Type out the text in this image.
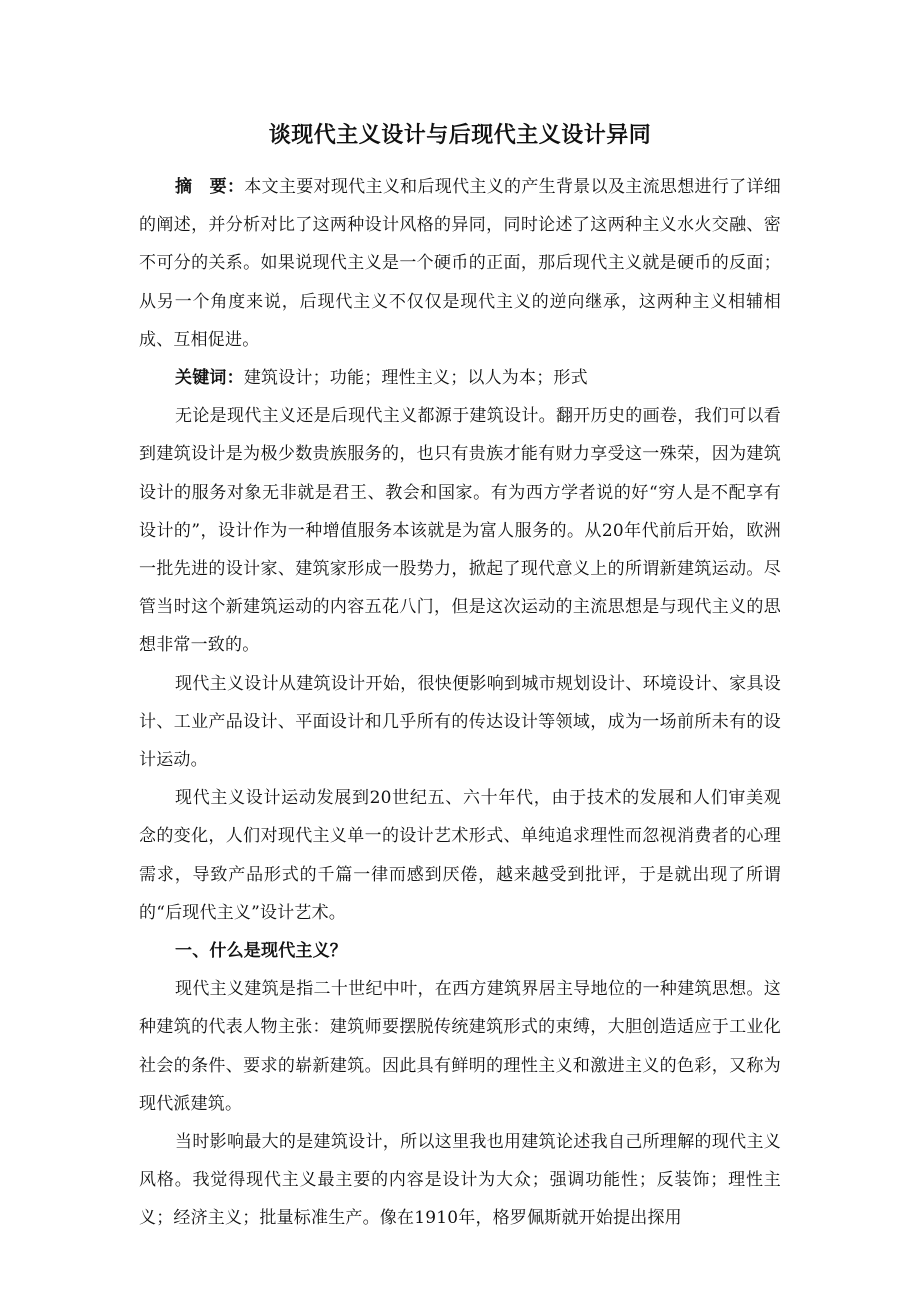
谈现代主义设计与后现代主义设计异同

摘　要：本文主要对现代主义和后现代主义的产生背景以及主流思想进行了详细的阐述，并分析对比了这两种设计风格的异同，同时论述了这两种主义水火交融、密不可分的关系。如果说现代主义是一个硬币的正面，那后现代主义就是硬币的反面；从另一个角度来说，后现代主义不仅仅是现代主义的逆向继承，这两种主义相辅相成、互相促进。

关键词：建筑设计；功能；理性主义；以人为本；形式

无论是现代主义还是后现代主义都源于建筑设计。翻开历史的画卷，我们可以看到建筑设计是为极少数贵族服务的，也只有贵族才能有财力享受这一殊荣，因为建筑设计的服务对象无非就是君王、教会和国家。有为西方学者说的好“穷人是不配享有设计的”，设计作为一种增值服务本该就是为富人服务的。从20年代前后开始，欧洲一批先进的设计家、建筑家形成一股势力，掀起了现代意义上的所谓新建筑运动。尽管当时这个新建筑运动的内容五花八门，但是这次运动的主流思想是与现代主义的思想非常一致的。

现代主义设计从建筑设计开始，很快便影响到城市规划设计、环境设计、家具设计、工业产品设计、平面设计和几乎所有的传达设计等领域，成为一场前所未有的设计运动。

现代主义设计运动发展到20世纪五、六十年代，由于技术的发展和人们审美观念的变化，人们对现代主义单一的设计艺术形式、单纯追求理性而忽视消费者的心理需求，导致产品形式的千篇一律而感到厌倦，越来越受到批评，于是就出现了所谓的“后现代主义”设计艺术。

一、什么是现代主义？

现代主义建筑是指二十世纪中叶，在西方建筑界居主导地位的一种建筑思想。这种建筑的代表人物主张：建筑师要摆脱传统建筑形式的束缚，大胆创造适应于工业化社会的条件、要求的崭新建筑。因此具有鲜明的理性主义和激进主义的色彩，又称为现代派建筑。

当时影响最大的是建筑设计，所以这里我也用建筑论述我自己所理解的现代主义风格。我觉得现代主义最主要的内容是设计为大众；强调功能性；反装饰；理性主义；经济主义；批量标准生产。像在1910年，格罗佩斯就开始提出探用
